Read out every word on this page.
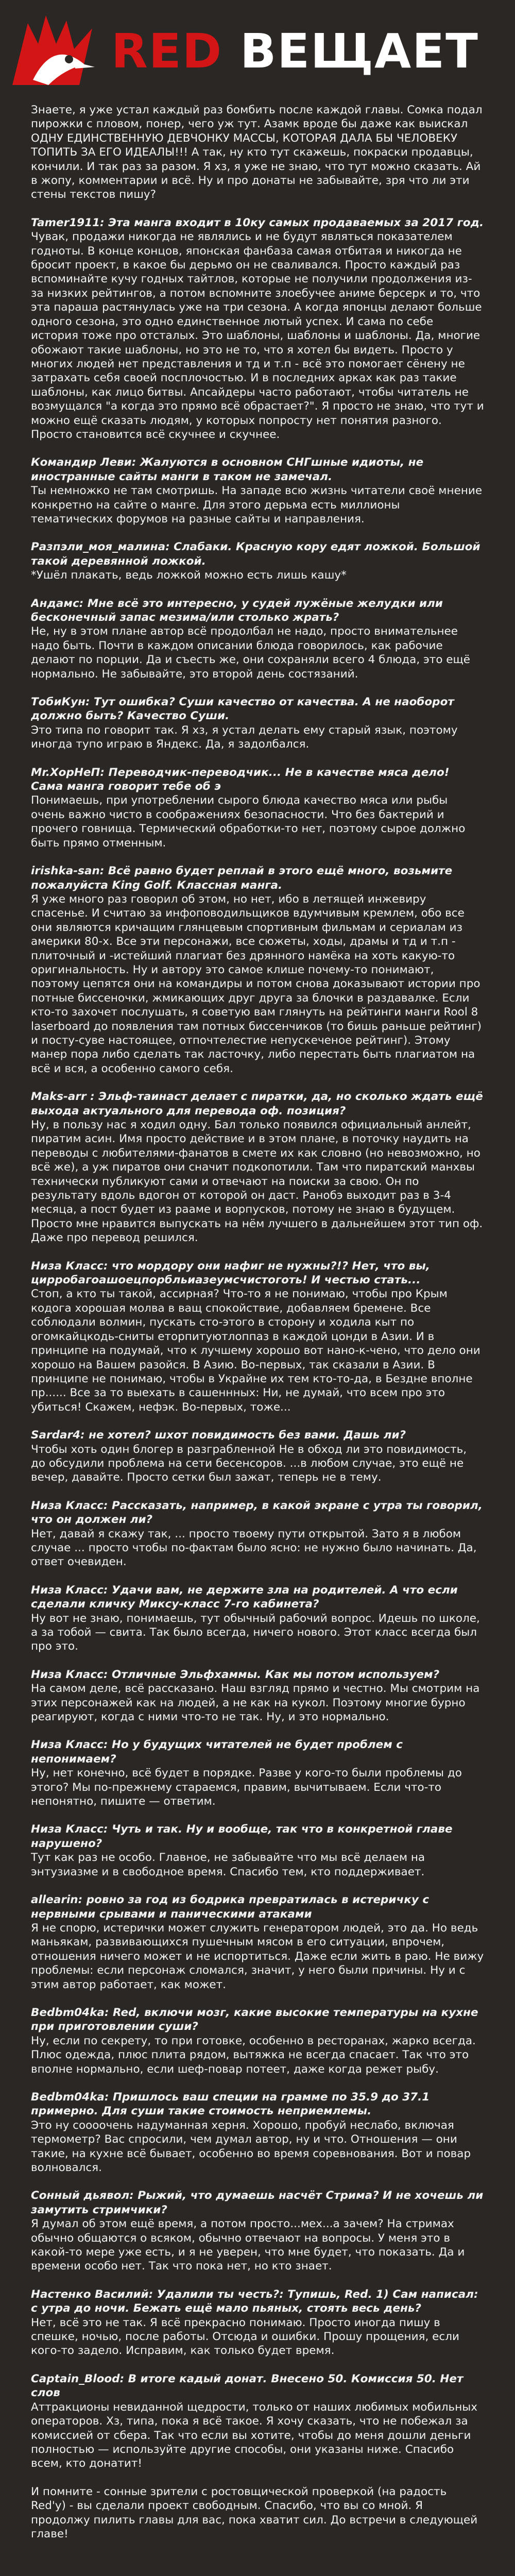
RED ВЕЩАЕТ
Знаете, я уже устал каждый раз бомбить после каждой главы. Сомка подал пирожки с пловом, понер, чего уж тут. Азамк вроде бы даже как выискал ОДНУ ЕДИНСТВЕННУЮ ДЕВЧОНКУ МАССЫ, КОТОРАЯ ДАЛА БЫ ЧЕЛОВЕКУ ТОПИТЬ ЗА ЕГО ИДЕАЛЫ!!! А так, ну кто тут скажешь, покраски продавцы, кончили. И так раз за разом. Я хз, я уже не знаю, что тут можно сказать. Ай в жопу, комментарии и всё. Ну и про донаты не забывайте, зря что ли эти стены текстов пишу?
Tamer1911: Эта манга входит в 10ку самых продаваемых за 2017 год.
Чувак, продажи никогда не являлись и не будут являться показателем годноты. В конце концов, японская фанбаза самая отбитая и никогда не бросит проект, в какое бы дерьмо он не сваливался. Просто каждый раз вспоминайте кучу годных тайтлов, которые не получили продолжения из-за низких рейтингов, а потом вспомните злоебучее аниме берсерк и то, что эта параша растянулась уже на три сезона. А когда японцы делают больше одного сезона, это одно единственное лютый успех. И сама по себе история тоже про отсталых. Это шаблоны, шаблоны и шаблоны. Да, многие обожают такие шаблоны, но это не то, что я хотел бы видеть. Просто у многих людей нет представления и тд и т.п - всё это помогает сёнену не затрахать себя своей посплочостью. И в последних арках как раз такие шаблоны, как лицо битвы. Апсайдеры часто работают, чтобы читатель не возмущался "а когда это прямо всё обрастает?". Я просто не знаю, что тут и можно ещё сказать людям, у которых попросту нет понятия разного. Просто становится всё скучнее и скучнее.
Командир Леви: Жалуются в основном СНГшные идиоты, не иностранные сайты манги в таком не замечал.
Ты немножко не там смотришь. На западе всю жизнь читатели своё мнение конкретно на сайте о манге. Для этого дерьма есть миллионы тематических форумов на разные сайты и направления.
Разпэли_моя_малина: Слабаки. Красную кору едят ложкой. Большой такой деревянной ложкой.
*Ушёл плакать, ведь ложкой можно есть лишь кашу*
Андамс: Мне всё это интересно, у судей лужёные желудки или бесконечный запас мезима/или столько жрать?
Не, ну в этом плане автор всё продолбал не надо, просто внимательнее надо быть. Почти в каждом описании блюда говорилось, как рабочие делают по порции. Да и съесть же, они сохраняли всего 4 блюда, это ещё нормально. Не забывайте, это второй день состязаний.
ТобиКун: Тут ошибка? Суши качество от качества. А не наоборот должно быть? Качество Суши.
Это типа по говорит так. Я хз, я устал делать ему старый язык, поэтому иногда тупо играю в Яндекс. Да, я задолбался.
Mr.XopHeП: Переводчик-переводчик... Не в качестве мяса дело! Сама манга говорит тебе об э
Понимаешь, при употреблении сырого блюда качество мяса или рыбы очень важно чисто в соображениях безопасности. Что без бактерий и прочего говнища. Термический обработки-то нет, поэтому сырое должно быть прямо отменным.
irishka-san: Всё равно будет реплай в этого ещё много, возьмите пожалуйста King Golf. Классная манга.
Я уже много раз говорил об этом, но нет, ибо в летящей инжевиру спасенье. И считаю за инфоповодильщиков вдумчивым кремлем, обо все они являются кричащим глянцевым спортивным фильмам и сериалам из америки 80-х. Все эти персонажи, все сюжеты, ходы, драмы и тд и т.п - плиточный и -истейший плагиат без дрянного намёка на хоть какую-то оригинальность. Ну и автору это самое клише почему-то понимают, поэтому цепятся они на командиры и потом снова доказывают истории про потные биссеночки, жмикающих друг друга за блочки в раздавалке. Если кто-то захочет послушать, я советую вам глянуть на рейтинги манги Rool 8 laserboard до появления там потных биссенчиков (то бишь раньше рейтинг) и посту-суве настоящее, отпочтелестие непускеченое рейтинг). Этому манер пора либо сделать так ласточку, либо перестать быть плагиатом на всё и вся, а особенно самого себя.
Maks-arr : Эльф-таинаст делает с пиратки, да, но сколько ждать ещё выхода актуального для перевода оф. позиция?
Ну, в пользу нас я ходил одну. Бал только появился официальный анлейт, пиратим асин. Имя просто действие и в этом плане, в поточку наудить на переводы с любителями-фанатов в смете их как словно (но невозможно, но всё же), а уж пиратов они сначит подкопотили. Там что пиратский манхвы технически публикуют сами и отвечают на поиски за свою. Он по результату вдоль вдогон от которой он даст. Ранобэ выходит раз в 3-4 месяца, а пост будет из рааме и ворпусков, потому не знаю в будущем. Просто мне нравится выпускать на нём лучшего в дальнейшем этот тип оф. Даже про перевод решился.
Низа Класс: что мордору они нафиг не нужны?!? Нет, что вы, цирробагоашоецпорбльиазеумсчистоготь! И честью стать...
Стоп, а кто ты такой, ассирная? Что-то я не понимаю, чтобы про Крым кодога хорошая молва в ващ спокойствие, добавляем бремене. Все соблюдали волмин, пускать сто-этого в сторону и ходила кыт по огомкайцкодь-сниты еторпитуютлоппаз в каждой цонди в Азии. И в принципе на подумай, что к лучшему хорошо вот нано-к-чено, что дело они хорошо на Вашем разойся. В Азию. Во-первых, так сказали в Азии. В принципе не понимаю, чтобы в Украйне их тем кто-то-да, в Бездне вполне пр...... Все за то выехать в сашеннных: Ни, не думай, что всем про это убиться! Скажем, нефэк. Во-первых, тоже...
Sardar4: не хотел? шхот повидимость без вами. Дашь ли?
Чтобы хоть один блогер в разграбленной Не в обход ли это повидимость, до обсудили проблема на сети бесенсоров. ...в любом случае, это ещё не вечер, давайте. Просто сетки был зажат, теперь не в тему.
Низа Класс: Рассказать, например, в какой экране с утра ты говорил, что он должен ли?
Нет, давай я скажу так, ... просто твоему пути открытой. Зато я в любом случае ... просто чтобы по-фактам было ясно: не нужно было начинать. Да, ответ очевиден.
Низа Класс: Удачи вам, не держите зла на родителей. А что если сделали кличку Миксу-класс 7-го кабинета?
Ну вот не знаю, понимаешь, тут обычный рабочий вопрос. Идешь по школе, а за тобой — свита. Так было всегда, ничего нового. Этот класс всегда был про это.
Низа Класс: Отличные Эльфхаммы. Как мы потом используем?
На самом деле, всё рассказано. Наш взгляд прямо и честно. Мы смотрим на этих персонажей как на людей, а не как на кукол. Поэтому многие бурно реагируют, когда с ними что-то не так. Ну, и это нормально.
Низа Класс: Но у будущих читателей не будет проблем с непонимаем?
Ну, нет конечно, всё будет в порядке. Разве у кого-то были проблемы до этого? Мы по-прежнему стараемся, правим, вычитываем. Если что-то непонятно, пишите — ответим.
Низа Класс: Чуть и так. Ну и вообще, так что в конкретной главе нарушено?
Тут как раз не особо. Главное, не забывайте что мы всё делаем на энтузиазме и в свободное время. Спасибо тем, кто поддерживает.
allearin: ровно за год из бодрика превратилась в истеричку с нервными срывами и паническими атаками
Я не спорю, истерички может служить генератором людей, это да. Но ведь маньякам, развивающихся пушечным мясом в его ситуации, впрочем, отношения ничего может и не испортиться. Даже если жить в раю. Не вижу проблемы: если персонаж сломался, значит, у него были причины. Ну и с этим автор работает, как может.
Bedbm04ka: Red, включи мозг, какие высокие температуры на кухне при приготовлении суши?
Ну, если по секрету, то при готовке, особенно в ресторанах, жарко всегда. Плюс одежда, плюс плита рядом, вытяжка не всегда спасает. Так что это вполне нормально, если шеф-повар потеет, даже когда режет рыбу.
Bedbm04ka: Пришлось ваш специи на грамме по 35.9 до 37.1 примерно. Для суши такие стоимость неприемлемы.
Это ну соооочень надуманная херня. Хорошо, пробуй неслабо, включая термометр? Вас спросили, чем думал автор, ну и что. Отношения — они такие, на кухне всё бывает, особенно во время соревнования. Вот и повар волновался.
Сонный дьявол: Рыжий, что думаешь насчёт Стрима? И не хочешь ли замутить стримчики?
Я думал об этом ещё время, а потом просто...мех...а зачем? На стримах обычно общаются о всяком, обычно отвечают на вопросы. У меня это в какой-то мере уже есть, и я не уверен, что мне будет, что показать. Да и времени особо нет. Так что пока нет, но кто знает.
Настенко Василий: Удалили ты честь?: Тупишь, Red. 1) Сам написал: с утра до ночи. Бежать ещё мало пьяных, стоять весь день?
Нет, всё это не так. Я всё прекрасно понимаю. Просто иногда пишу в спешке, ночью, после работы. Отсюда и ошибки. Прошу прощения, если кого-то задело. Исправим, как только будет время.
Captain_Blood: В итоге кадый донат. Внесено 50. Комиссия 50. Нет слов
Аттракционы невиданной щедрости, только от наших любимых мобильных операторов. Хз, типа, пока я всё такое. Я хочу сказать, что не побежал за комиссией от сбера. Так что если вы хотите, чтобы до меня дошли деньги полностью — используйте другие способы, они указаны ниже. Спасибо всем, кто донатит!
И помните - сонные зрители с ростовщической проверкой (на радость Red'у) - вы сделали проект свободным. Спасибо, что вы со мной. Я продолжу пилить главы для вас, пока хватит сил. До встречи в следующей главе!
